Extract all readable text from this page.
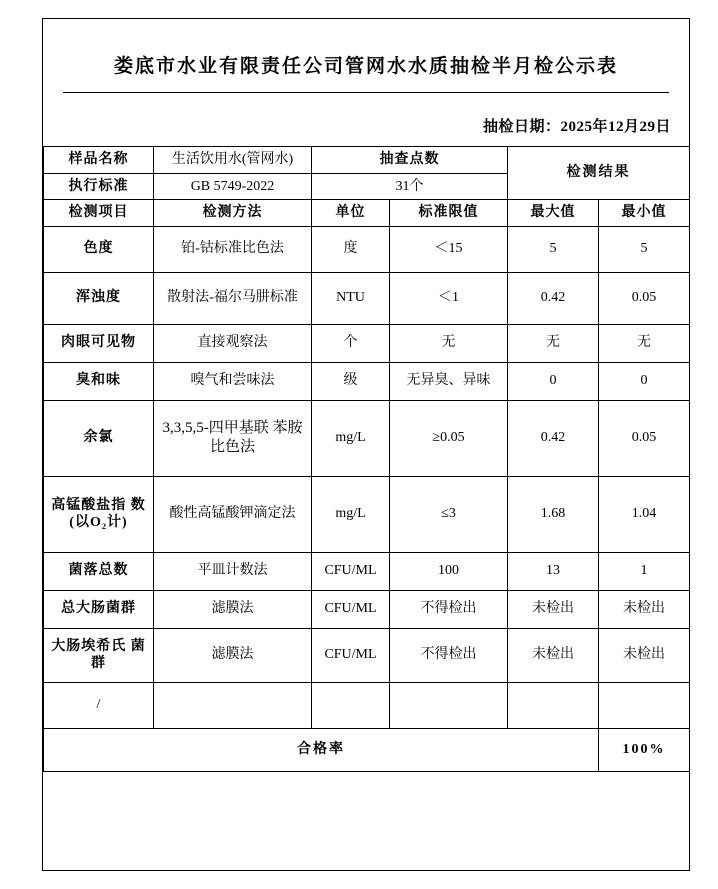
娄底市水业有限责任公司管网水水质抽检半月检公示表
抽检日期：2025年12月29日
样品名称	生活饮用水(管网水)	抽查点数		检测结果	
执行标准	GB 5749-2022	31个			
检测项目	检测方法	单位	标准限值	最大值	最小值
色度	铂-钴标准比色法	度	＜15	5	5
浑浊度	散射法-福尔马肼标准	NTU	＜1	0.42	0.05
肉眼可见物	直接观察法	个	无	无	无
臭和味	嗅气和尝味法	级	无异臭、异味	0	0
余氯	3,3,5,5-四甲基联 苯胺比色法	mg/L	≥0.05	0.42	0.05
高锰酸盐指 数(以O₂计)	酸性高锰酸钾滴定法	mg/L	≤3	1.68	1.04
菌落总数	平皿计数法	CFU/ML	100	13	1
总大肠菌群	滤膜法	CFU/ML	不得检出	未检出	未检出
大肠埃希氏 菌群	滤膜法	CFU/ML	不得检出	未检出	未检出
/					
合格率					100%
